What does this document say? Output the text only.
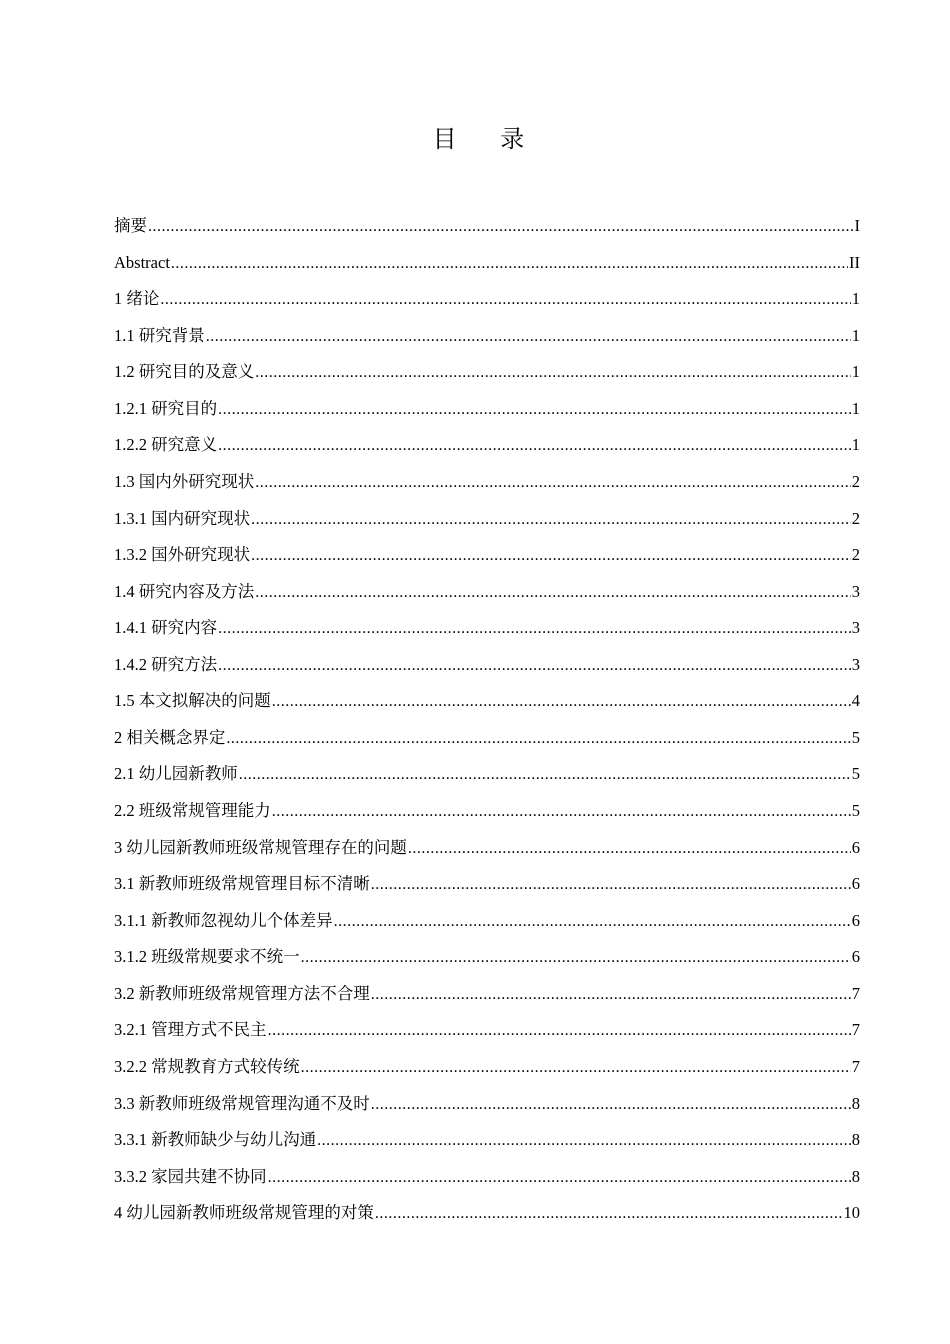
目 录
摘要 .....	I
Abstract .....	II
1 绪论 .....	1
1.1 研究背景 .....	1
1.2 研究目的及意义 .....	1
1.2.1 研究目的 .....	1
1.2.2 研究意义 .....	1
1.3 国内外研究现状 .....	2
1.3.1 国内研究现状 .....	2
1.3.2 国外研究现状 .....	2
1.4 研究内容及方法 .....	3
1.4.1 研究内容 .....	3
1.4.2 研究方法 .....	3
1.5 本文拟解决的问题 .....	4
2 相关概念界定 .....	5
2.1 幼儿园新教师 .....	5
2.2 班级常规管理能力 .....	5
3 幼儿园新教师班级常规管理存在的问题 .....	6
3.1 新教师班级常规管理目标不清晰 .....	6
3.1.1 新教师忽视幼儿个体差异 .....	6
3.1.2 班级常规要求不统一 .....	6
3.2 新教师班级常规管理方法不合理 .....	7
3.2.1 管理方式不民主 .....	7
3.2.2 常规教育方式较传统 .....	7
3.3 新教师班级常规管理沟通不及时 .....	8
3.3.1 新教师缺少与幼儿沟通 .....	8
3.3.2 家园共建不协同 .....	8
4 幼儿园新教师班级常规管理的对策 .....	10
